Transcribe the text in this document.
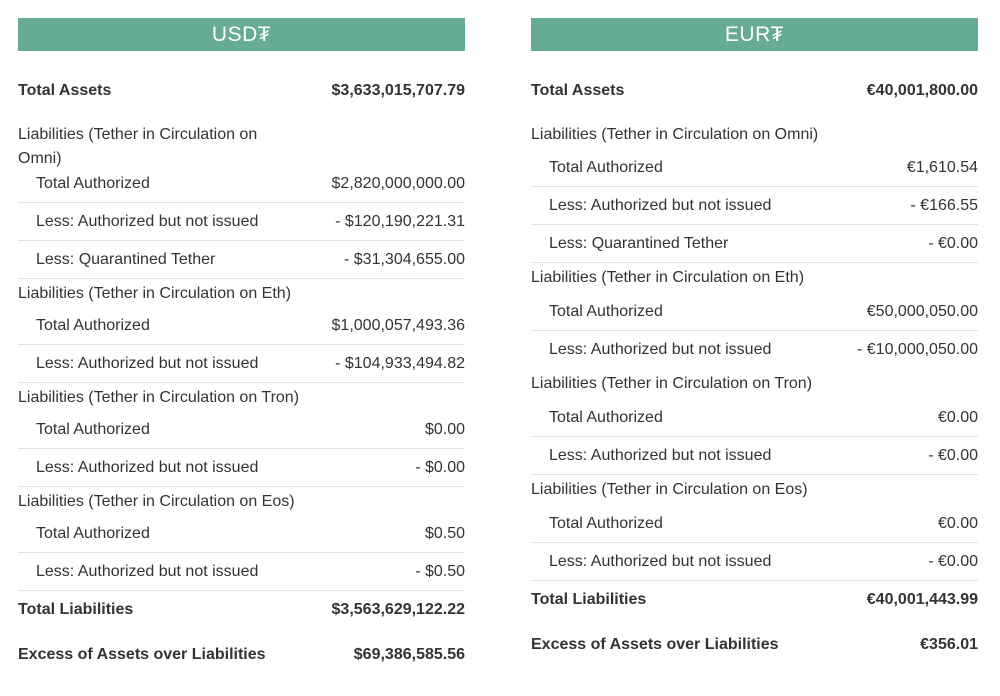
USD₮
Total Assets	$3,633,015,707.79
Liabilities (Tether in Circulation on Omni)
Total Authorized	$2,820,000,000.00
Less: Authorized but not issued	- $120,190,221.31
Less: Quarantined Tether	- $31,304,655.00
Liabilities (Tether in Circulation on Eth)
Total Authorized	$1,000,057,493.36
Less: Authorized but not issued	- $104,933,494.82
Liabilities (Tether in Circulation on Tron)
Total Authorized	$0.00
Less: Authorized but not issued	- $0.00
Liabilities (Tether in Circulation on Eos)
Total Authorized	$0.50
Less: Authorized but not issued	- $0.50
Total Liabilities	$3,563,629,122.22
Excess of Assets over Liabilities	$69,386,585.56
EUR₮
Total Assets	€40,001,800.00
Liabilities (Tether in Circulation on Omni)
Total Authorized	€1,610.54
Less: Authorized but not issued	- €166.55
Less: Quarantined Tether	- €0.00
Liabilities (Tether in Circulation on Eth)
Total Authorized	€50,000,050.00
Less: Authorized but not issued	- €10,000,050.00
Liabilities (Tether in Circulation on Tron)
Total Authorized	€0.00
Less: Authorized but not issued	- €0.00
Liabilities (Tether in Circulation on Eos)
Total Authorized	€0.00
Less: Authorized but not issued	- €0.00
Total Liabilities	€40,001,443.99
Excess of Assets over Liabilities	€356.01
